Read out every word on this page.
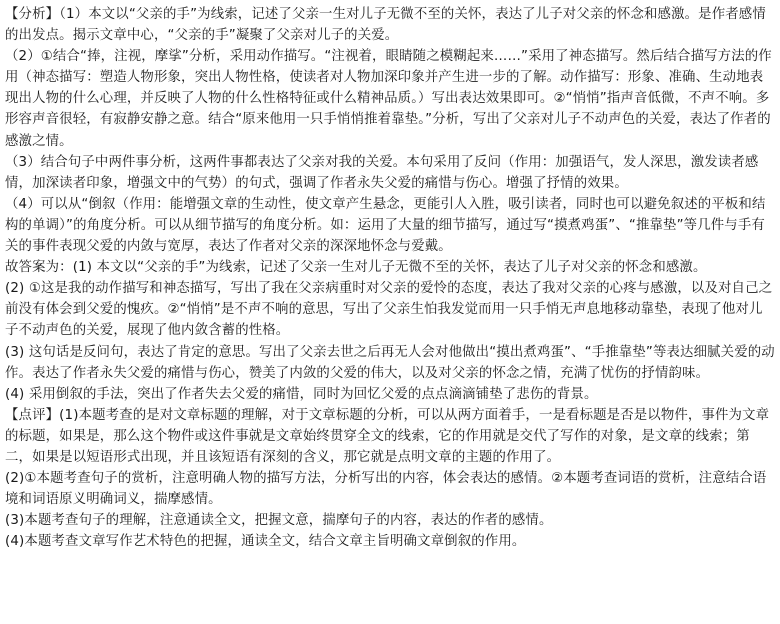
【分析】（1）本文以“父亲的手”为线索，记述了父亲一生对儿子无微不至的关怀，表达了儿子对父亲的怀念和感激。是作者感情的出发点。揭示文章中心，“父亲的手”凝聚了父亲对儿子的关爱。

（2）①结合“捧，注视，摩挲”分析，采用动作描写。“注视着，眼睛随之模糊起来……”采用了神态描写。然后结合描写方法的作用（神态描写：塑造人物形象，突出人物性格，使读者对人物加深印象并产生进一步的了解。动作描写：形象、准确、生动地表现出人物的什么心理，并反映了人物的什么性格特征或什么精神品质。）写出表达效果即可。②“悄悄”指声音低微，不声不响。多形容声音很轻，有寂静安静之意。结合“原来他用一只手悄悄推着靠垫。”分析，写出了父亲对儿子不动声色的关爱，表达了作者的感激之情。

（3）结合句子中两件事分析，这两件事都表达了父亲对我的关爱。本句采用了反问（作用：加强语气，发人深思，激发读者感情，加深读者印象，增强文中的气势）的句式，强调了作者永失父爱的痛惜与伤心。增强了抒情的效果。

（4）可以从“倒叙（作用：能增强文章的生动性，使文章产生悬念，更能引人入胜，吸引读者，同时也可以避免叙述的平板和结构的单调）”的角度分析。可以从细节描写的角度分析。如：运用了大量的细节描写，通过写“摸煮鸡蛋”、“推靠垫”等几件与手有关的事件表现父爱的内敛与宽厚，表达了作者对父亲的深深地怀念与爱戴。

故答案为：(1) 本文以“父亲的手”为线索，记述了父亲一生对儿子无微不至的关怀，表达了儿子对父亲的怀念和感激。

(2) ①这是我的动作描写和神态描写，写出了我在父亲病重时对父亲的爱怜的态度，表达了我对父亲的心疼与感激，以及对自己之前没有体会到父爱的愧疚。②“悄悄”是不声不响的意思，写出了父亲生怕我发觉而用一只手悄无声息地移动靠垫，表现了他对儿子不动声色的关爱，展现了他内敛含蓄的性格。

(3) 这句话是反问句，表达了肯定的意思。写出了父亲去世之后再无人会对他做出“摸出煮鸡蛋”、“手推靠垫”等表达细腻关爱的动作。表达了作者永失父爱的痛惜与伤心，赞美了内敛的父爱的伟大，以及对父亲的怀念之情，充满了忧伤的抒情韵味。

(4) 采用倒叙的手法，突出了作者失去父爱的痛惜，同时为回忆父爱的点点滴滴铺垫了悲伤的背景。

【点评】(1)本题考查的是对文章标题的理解，对于文章标题的分析，可以从两方面着手，一是看标题是否是以物件，事件为文章的标题，如果是，那么这个物件或这件事就是文章始终贯穿全文的线索，它的作用就是交代了写作的对象，是文章的线索；第二，如果是以短语形式出现，并且该短语有深刻的含义，那它就是点明文章的主题的作用了。

(2)①本题考查句子的赏析，注意明确人物的描写方法，分析写出的内容，体会表达的感情。②本题考查词语的赏析，注意结合语境和词语原义明确词义，揣摩感情。

(3)本题考查句子的理解，注意通读全文，把握文意，揣摩句子的内容，表达的作者的感情。

(4)本题考查文章写作艺术特色的把握，通读全文，结合文章主旨明确文章倒叙的作用。
